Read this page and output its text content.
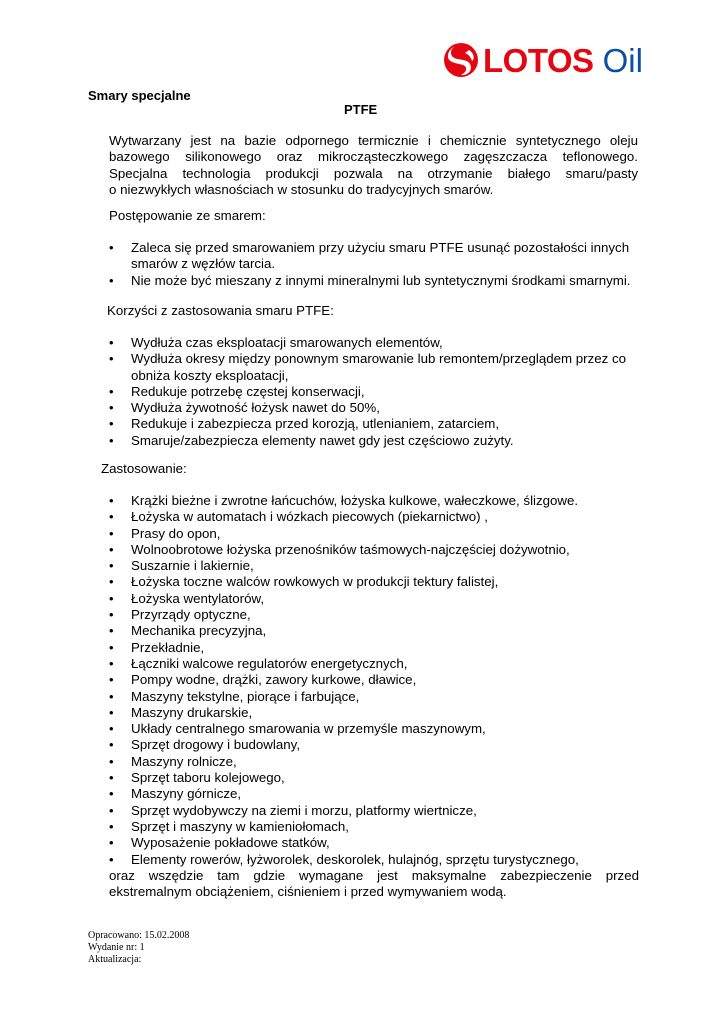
LOTOS Oil
Smary specjalne
PTFE
Wytwarzany jest na bazie odpornego termicznie i chemicznie syntetycznego oleju
bazowego silikonowego oraz mikrocząsteczkowego zagęszczacza teflonowego.
Specjalna technologia produkcji pozwala na otrzymanie białego smaru/pasty
o niezwykłych własnościach w stosunku do tradycyjnych smarów.
Postępowanie ze smarem:
• Zaleca się przed smarowaniem przy użyciu smaru PTFE usunąć pozostałości innych smarów z węzłów tarcia.
• Nie może być mieszany z innymi mineralnymi lub syntetycznymi środkami smarnymi.
Korzyści z zastosowania smaru PTFE:
• Wydłuża czas eksploatacji smarowanych elementów,
• Wydłuża okresy między ponownym smarowanie lub remontem/przeglądem przez co obniża koszty eksploatacji,
• Redukuje potrzebę częstej konserwacji,
• Wydłuża żywotność łożysk nawet do 50%,
• Redukuje i zabezpiecza przed korozją, utlenianiem, zatarciem,
• Smaruje/zabezpiecza elementy nawet gdy jest częściowo zużyty.
Zastosowanie:
• Krążki bieżne i zwrotne łańcuchów, łożyska kulkowe, wałeczkowe, ślizgowe.
• Łożyska w automatach i wózkach piecowych (piekarnictwo) ,
• Prasy do opon,
• Wolnoobrotowe łożyska przenośników taśmowych-najczęściej dożywotnio,
• Suszarnie i lakiernie,
• Łożyska toczne walców rowkowych w produkcji tektury falistej,
• Łożyska wentylatorów,
• Przyrządy optyczne,
• Mechanika precyzyjna,
• Przekładnie,
• Łączniki walcowe regulatorów energetycznych,
• Pompy wodne, drążki, zawory kurkowe, dławice,
• Maszyny tekstylne, piorące i farbujące,
• Maszyny drukarskie,
• Układy centralnego smarowania w przemyśle maszynowym,
• Sprzęt drogowy i budowlany,
• Maszyny rolnicze,
• Sprzęt taboru kolejowego,
• Maszyny górnicze,
• Sprzęt wydobywczy na ziemi i morzu, platformy wiertnicze,
• Sprzęt i maszyny w kamieniołomach,
• Wyposażenie pokładowe statków,
• Elementy rowerów, łyżworolek, deskorolek, hulajnóg, sprzętu turystycznego,
oraz wszędzie tam gdzie wymagane jest maksymalne zabezpieczenie przed
ekstremalnym obciążeniem, ciśnieniem i przed wymywaniem wodą.
Opracowano: 15.02.2008
Wydanie nr: 1
Aktualizacja:
